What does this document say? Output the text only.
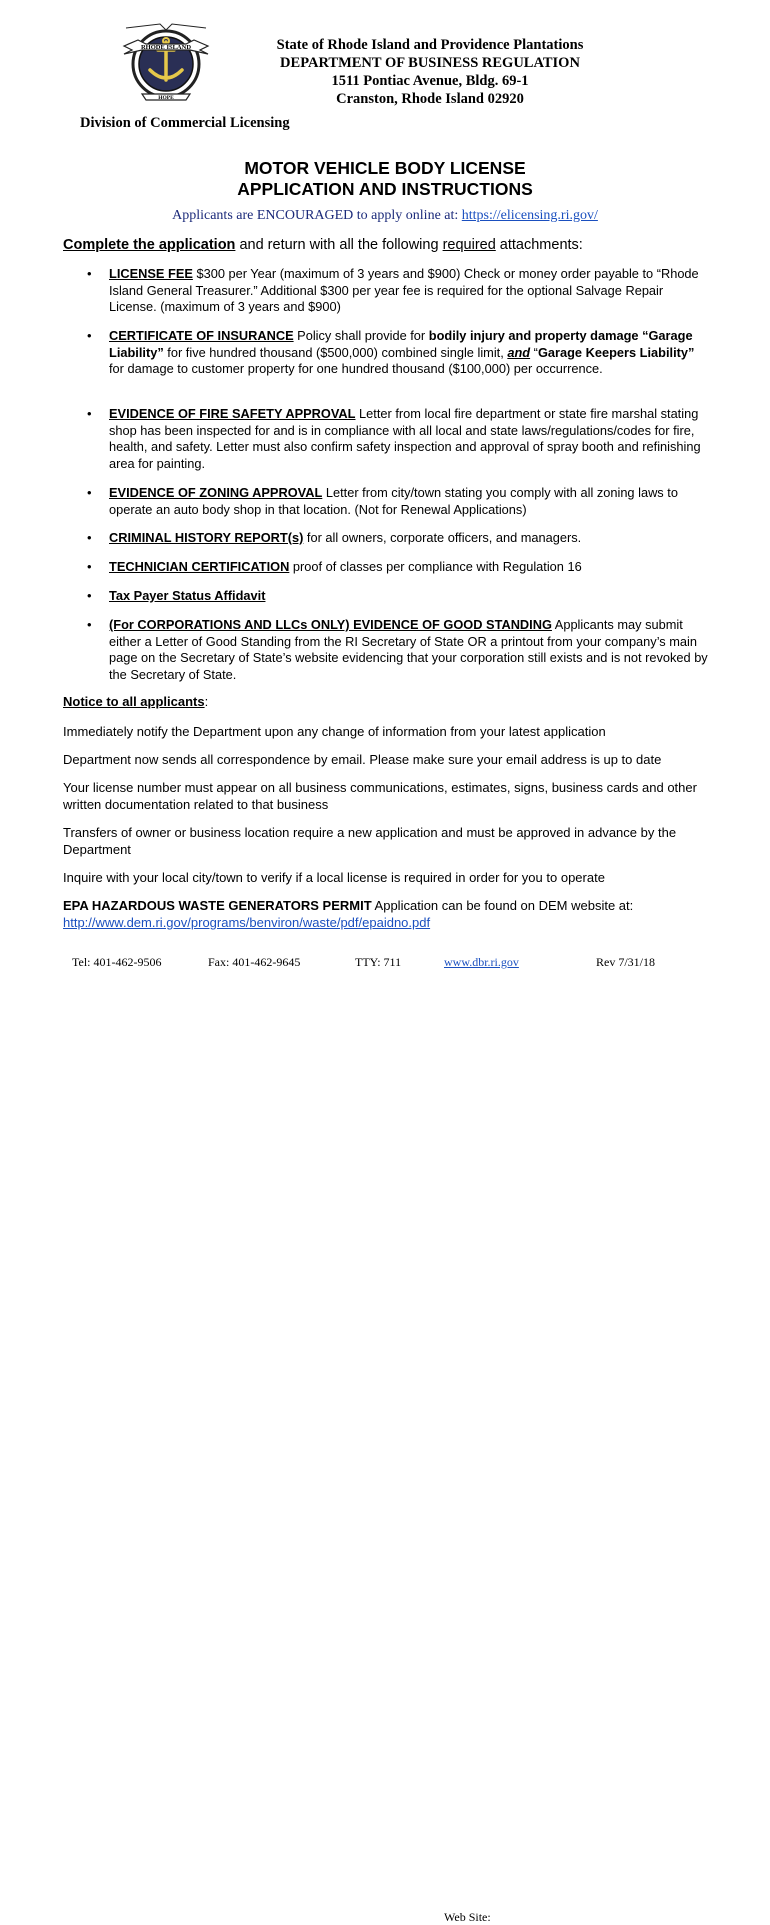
RHODE ISLAND
HOPE
State of Rhode Island and Providence Plantations
DEPARTMENT OF BUSINESS REGULATION
1511 Pontiac Avenue, Bldg. 69-1
Cranston, Rhode Island 02920
Division of Commercial Licensing
MOTOR VEHICLE BODY LICENSE
APPLICATION AND INSTRUCTIONS
Applicants are ENCOURAGED to apply online at: https://elicensing.ri.gov/
Complete the application and return with all the following required attachments:
• LICENSE FEE $300 per Year (maximum of 3 years and $900) Check or money order payable to “Rhode Island General Treasurer.” Additional $300 per year fee is required for the optional Salvage Repair License. (maximum of 3 years and $900)
• CERTIFICATE OF INSURANCE Policy shall provide for bodily injury and property damage “Garage Liability” for five hundred thousand ($500,000) combined single limit, and “Garage Keepers Liability” for damage to customer property for one hundred thousand ($100,000) per occurrence.
• EVIDENCE OF FIRE SAFETY APPROVAL Letter from local fire department or state fire marshal stating shop has been inspected for and is in compliance with all local and state laws/regulations/codes for fire, health, and safety. Letter must also confirm safety inspection and approval of spray booth and refinishing area for painting.
• EVIDENCE OF ZONING APPROVAL Letter from city/town stating you comply with all zoning laws to operate an auto body shop in that location. (Not for Renewal Applications)
• CRIMINAL HISTORY REPORT(s) for all owners, corporate officers, and managers.
• TECHNICIAN CERTIFICATION proof of classes per compliance with Regulation 16
• Tax Payer Status Affidavit
• (For CORPORATIONS AND LLCs ONLY) EVIDENCE OF GOOD STANDING Applicants may submit either a Letter of Good Standing from the RI Secretary of State OR a printout from your company’s main page on the Secretary of State’s website evidencing that your corporation still exists and is not revoked by the Secretary of State.
Notice to all applicants:
Immediately notify the Department upon any change of information from your latest application
Department now sends all correspondence by email. Please make sure your email address is up to date
Your license number must appear on all business communications, estimates, signs, business cards and other written documentation related to that business
Transfers of owner or business location require a new application and must be approved in advance by the Department
Inquire with your local city/town to verify if a local license is required in order for you to operate
EPA HAZARDOUS WASTE GENERATORS PERMIT Application can be found on DEM website at:
http://www.dem.ri.gov/programs/benviron/waste/pdf/epaidno.pdf
Tel: 401-462-9506	Fax: 401-462-9645	TTY: 711
Web Site:
www.dbr.ri.gov	Rev 7/31/18
